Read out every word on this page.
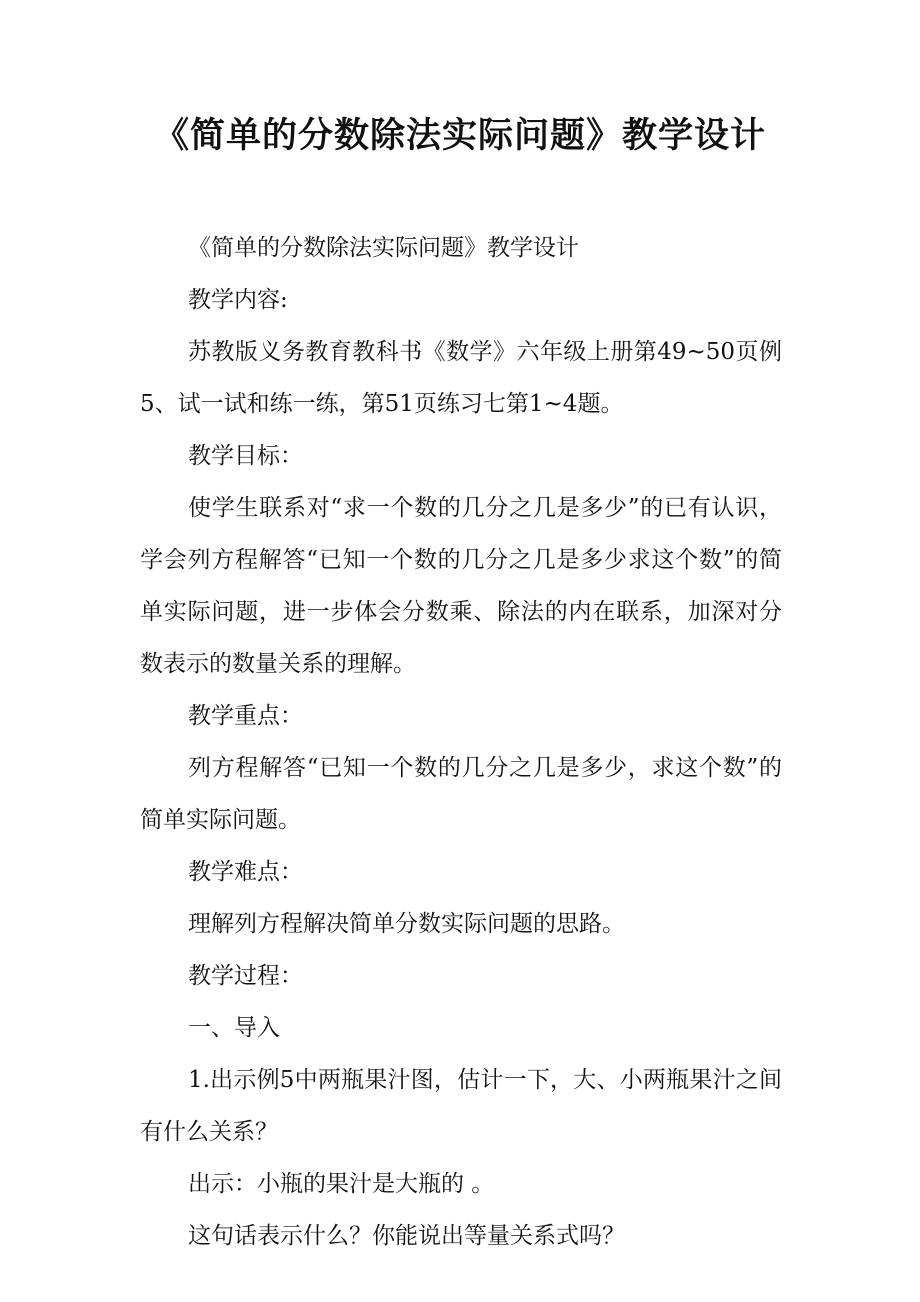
《简单的分数除法实际问题》教学设计

《简单的分数除法实际问题》教学设计

教学内容:

苏教版义务教育教科书《数学》六年级上册第49~50页例5、试一试和练一练，第51页练习七第1~4题。

教学目标：

使学生联系对“求一个数的几分之几是多少”的已有认识，学会列方程解答“已知一个数的几分之几是多少求这个数”的简单实际问题，进一步体会分数乘、除法的内在联系，加深对分数表示的数量关系的理解。

教学重点：

列方程解答“已知一个数的几分之几是多少，求这个数”的简单实际问题。

教学难点：

理解列方程解决简单分数实际问题的思路。

教学过程：

一、导入

1.出示例5中两瓶果汁图，估计一下，大、小两瓶果汁之间有什么关系？

出示：小瓶的果汁是大瓶的 。

这句话表示什么？你能说出等量关系式吗？
